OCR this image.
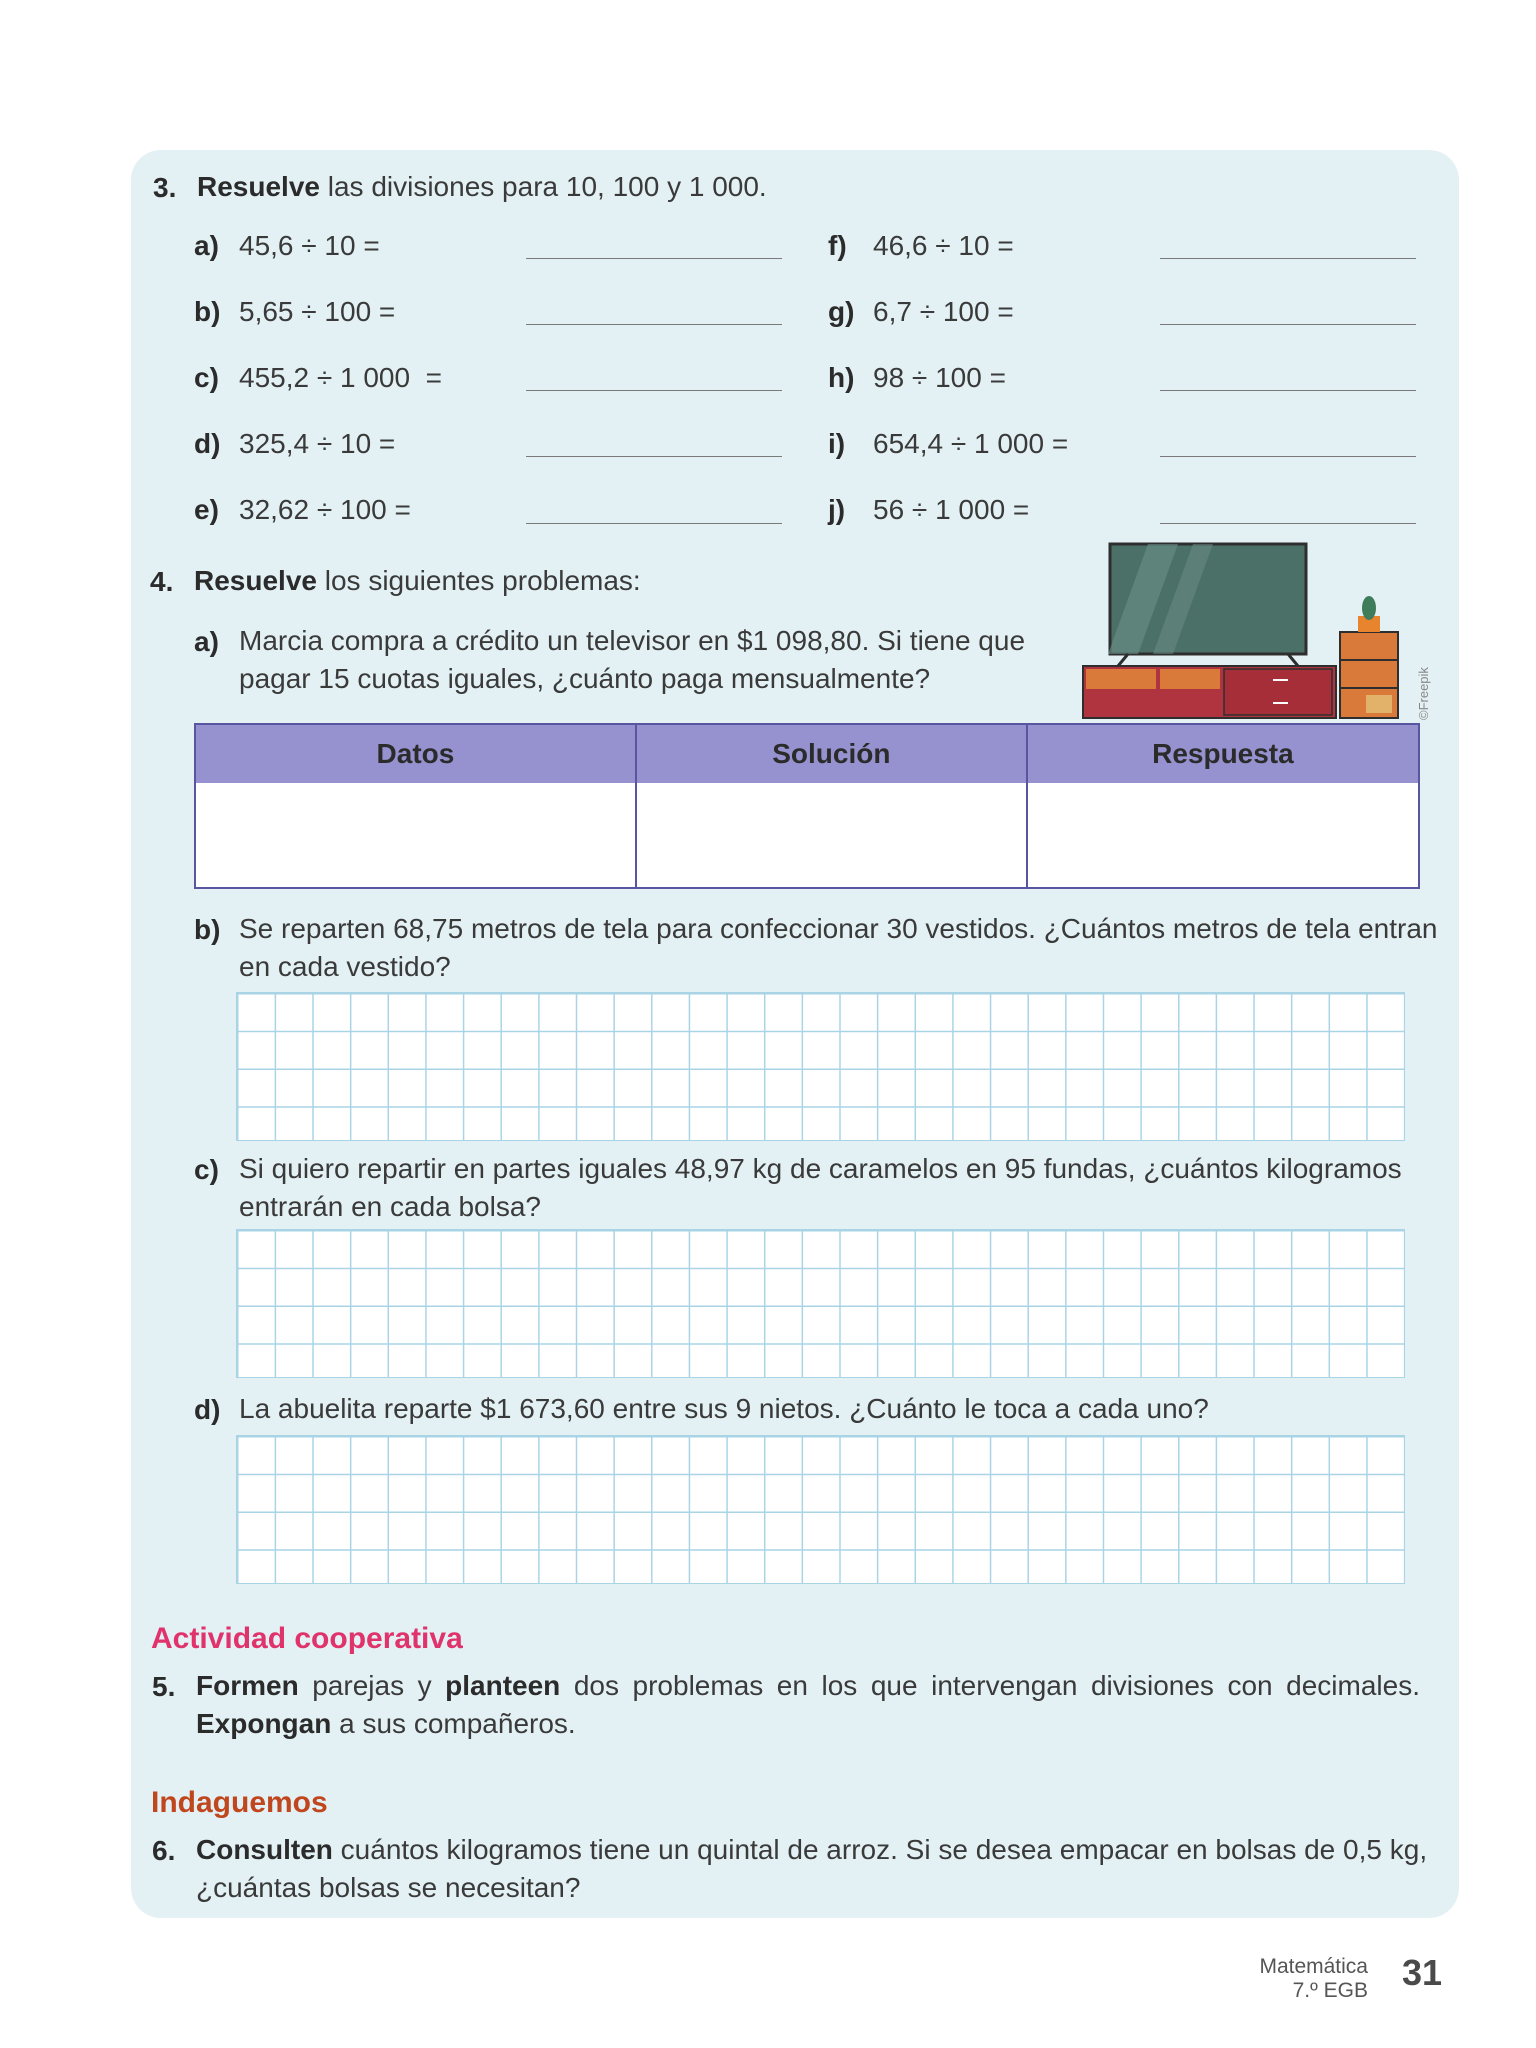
3. Resuelve las divisiones para 10, 100 y 1 000.
a) 45,6 ÷ 10 =
b) 5,65 ÷ 100 =
c) 455,2 ÷ 1 000  =
d) 325,4 ÷ 10 =
e) 32,62 ÷ 100 =
f) 46,6 ÷ 10 =
g) 6,7 ÷ 100 =
h) 98 ÷ 100 =
i) 654,4 ÷ 1 000 =
j) 56 ÷ 1 000 =
4. Resuelve los siguientes problemas:
a) Marcia compra a crédito un televisor en $1 098,80. Si tiene que
pagar 15 cuotas iguales, ¿cuánto paga mensualmente?	©Freepik
Datos	Solución	Respuesta

b) Se reparten 68,75 metros de tela para confeccionar 30 vestidos. ¿Cuántos metros de tela entran
en cada vestido?
c) Si quiero repartir en partes iguales 48,97 kg de caramelos en 95 fundas, ¿cuántos kilogramos
entrarán en cada bolsa?
d) La abuelita reparte $1 673,60 entre sus 9 nietos. ¿Cuánto le toca a cada uno?
Actividad cooperativa
5. Formen parejas y planteen dos problemas en los que intervengan divisiones con decimales.
Expongan a sus compañeros.
Indaguemos
6. Consulten cuántos kilogramos tiene un quintal de arroz. Si se desea empacar en bolsas de 0,5 kg,
¿cuántas bolsas se necesitan?
Matemática
7.º EGB 31
